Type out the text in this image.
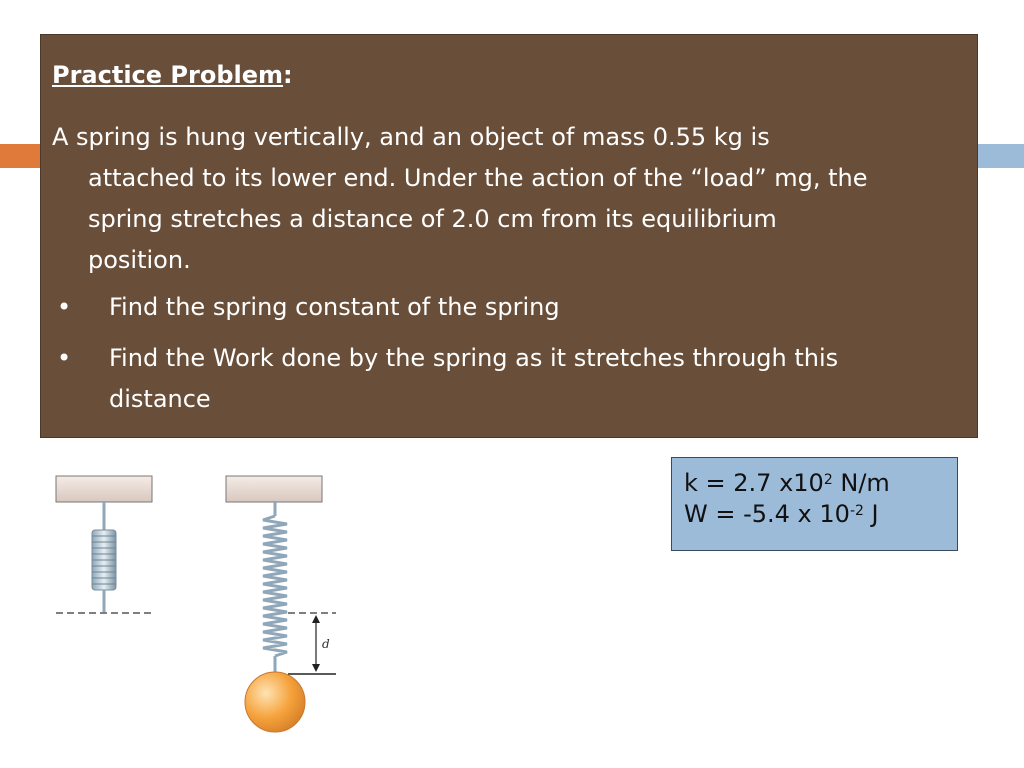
Practice Problem:
A spring is hung vertically, and an object of mass 0.55 kg is
attached to its lower end. Under the action of the “load” mg, the
spring stretches a distance of 2.0 cm from its equilibrium
position.
• Find the spring constant of the spring
• Find the Work done by the spring as it stretches through this
distance
k = 2.7 $x10^2$ N/m
W = -5.4 x $10^{-2}$ J
d
